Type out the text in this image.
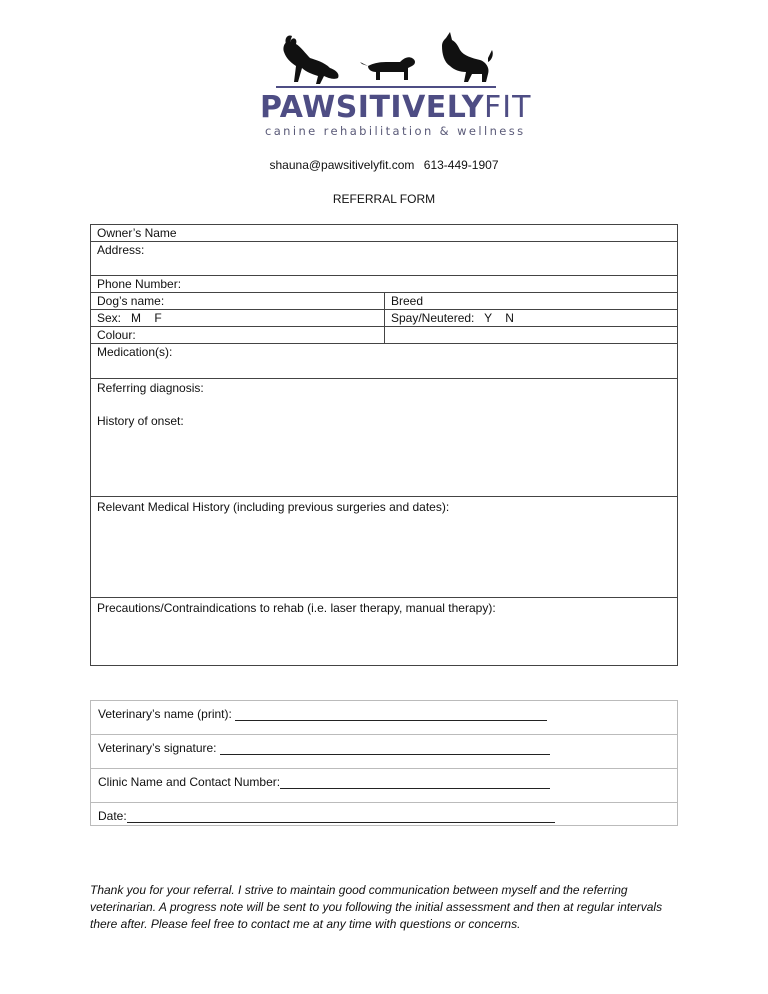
PAWSITIVELYFIT
canine rehabilitation & wellness
shauna@pawsitivelyfit.com 613-449-1907
REFERRAL FORM
Owner’s Name
Address:
Phone Number:
Dog’s name:	Breed
Sex:   M    F	Spay/Neutered:   Y    N
Colour:
Medication(s):
Referring diagnosis:
History of onset:
Relevant Medical History (including previous surgeries and dates):
Precautions/Contraindications to rehab (i.e. laser therapy, manual therapy):
Veterinary’s name (print):
Veterinary’s signature:
Clinic Name and Contact Number:
Date:
Thank you for your referral. I strive to maintain good communication between myself and the referring veterinarian. A progress note will be sent to you following the initial assessment and then at regular intervals there after. Please feel free to contact me at any time with questions or concerns.
